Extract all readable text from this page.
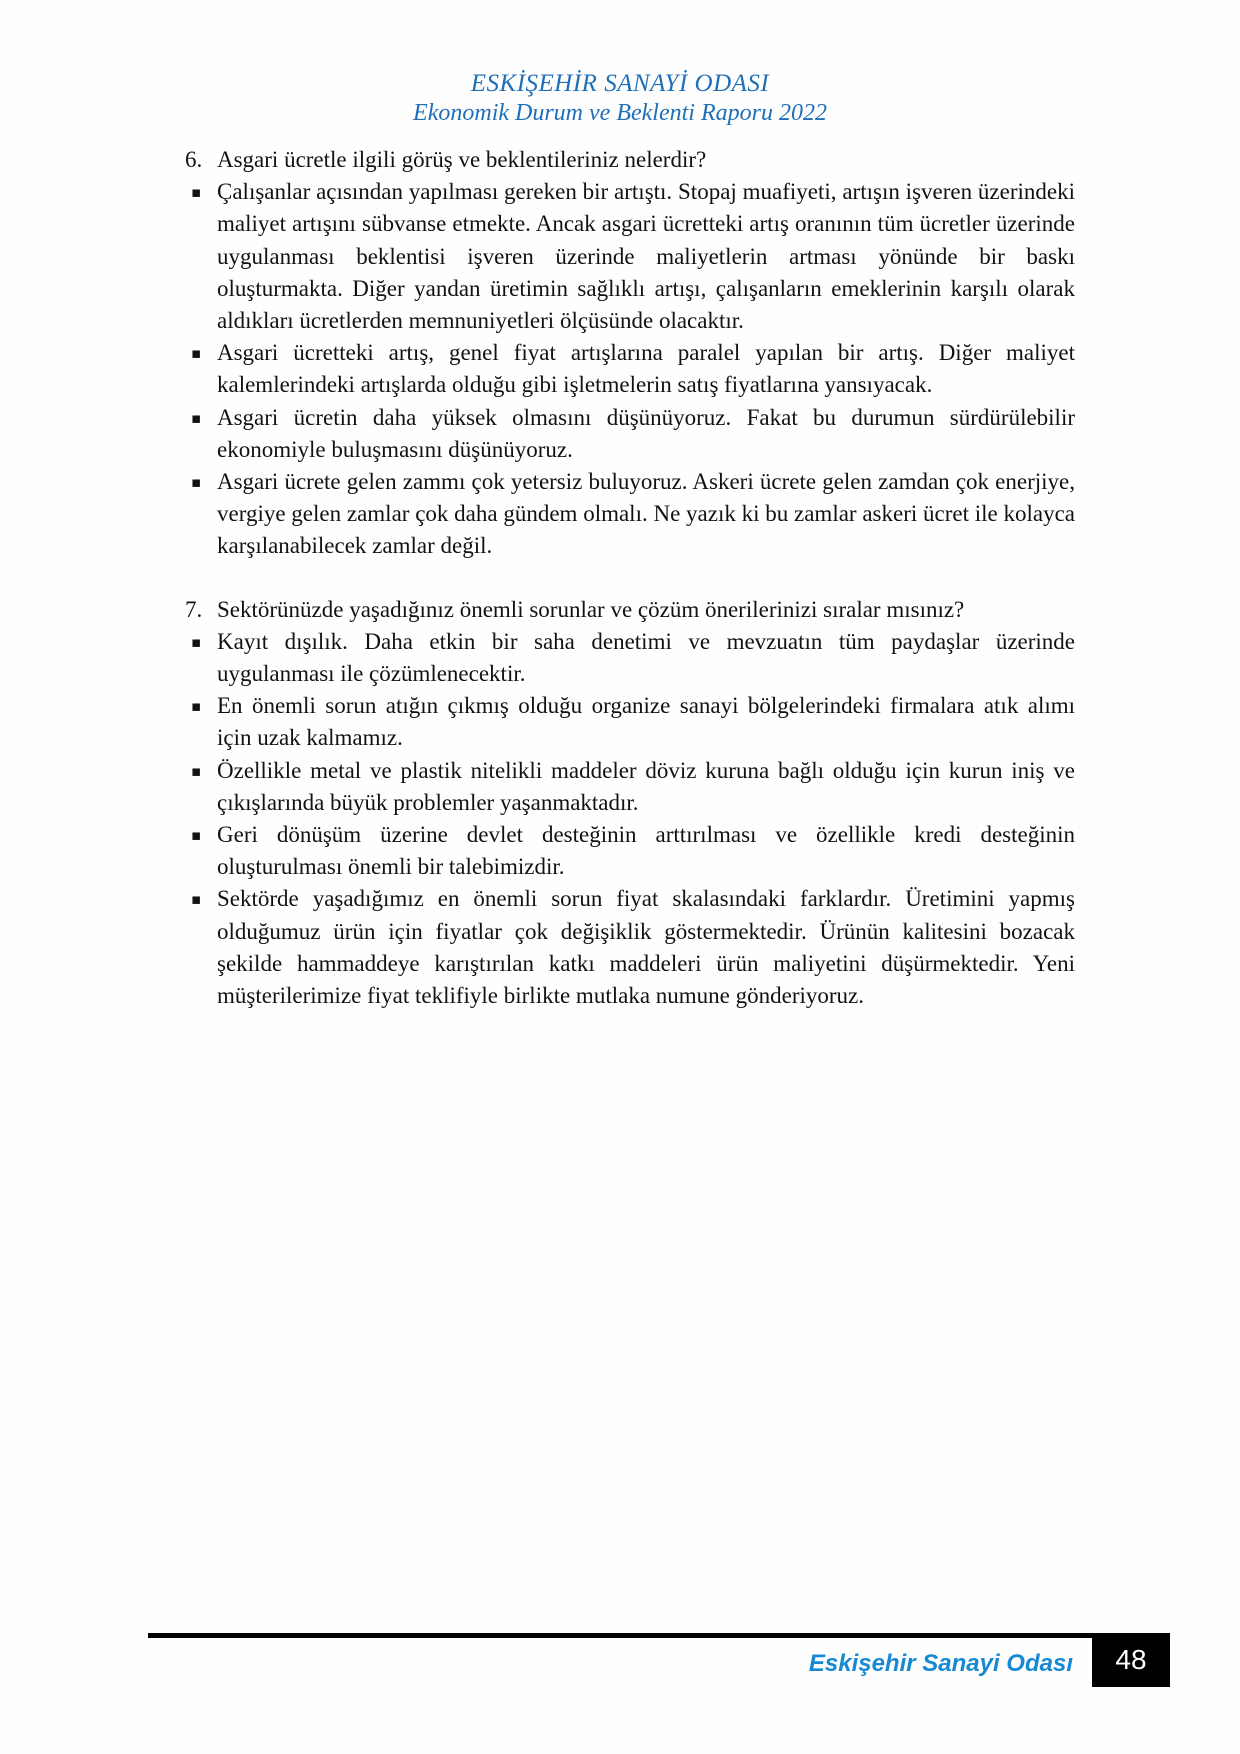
ESKİŞEHİR SANAYİ ODASI
Ekonomik Durum ve Beklenti Raporu 2022
6. Asgari ücretle ilgili görüş ve beklentileriniz nelerdir?
▪ Çalışanlar açısından yapılması gereken bir artıştı. Stopaj muafiyeti, artışın işveren üzerindeki maliyet artışını sübvanse etmekte. Ancak asgari ücretteki artış oranının tüm ücretler üzerinde uygulanması beklentisi işveren üzerinde maliyetlerin artması yönünde bir baskı oluşturmakta. Diğer yandan üretimin sağlıklı artışı, çalışanların emeklerinin karşılı olarak aldıkları ücretlerden memnuniyetleri ölçüsünde olacaktır.
▪ Asgari ücretteki artış, genel fiyat artışlarına paralel yapılan bir artış. Diğer maliyet kalemlerindeki artışlarda olduğu gibi işletmelerin satış fiyatlarına yansıyacak.
▪ Asgari ücretin daha yüksek olmasını düşünüyoruz. Fakat bu durumun sürdürülebilir ekonomiyle buluşmasını düşünüyoruz.
▪ Asgari ücrete gelen zammı çok yetersiz buluyoruz. Askeri ücrete gelen zamdan çok enerjiye, vergiye gelen zamlar çok daha gündem olmalı. Ne yazık ki bu zamlar askeri ücret ile kolayca karşılanabilecek zamlar değil.
7. Sektörünüzde yaşadığınız önemli sorunlar ve çözüm önerilerinizi sıralar mısınız?
▪ Kayıt dışılık. Daha etkin bir saha denetimi ve mevzuatın tüm paydaşlar üzerinde uygulanması ile çözümlenecektir.
▪ En önemli sorun atığın çıkmış olduğu organize sanayi bölgelerindeki firmalara atık alımı için uzak kalmamız.
▪ Özellikle metal ve plastik nitelikli maddeler döviz kuruna bağlı olduğu için kurun iniş ve çıkışlarında büyük problemler yaşanmaktadır.
▪ Geri dönüşüm üzerine devlet desteğinin arttırılması ve özellikle kredi desteğinin oluşturulması önemli bir talebimizdir.
▪ Sektörde yaşadığımız en önemli sorun fiyat skalasındaki farklardır. Üretimini yapmış olduğumuz ürün için fiyatlar çok değişiklik göstermektedir. Ürünün kalitesini bozacak şekilde hammaddeye karıştırılan katkı maddeleri ürün maliyetini düşürmektedir. Yeni müşterilerimize fiyat teklifiyle birlikte mutlaka numune gönderiyoruz.
Eskişehir Sanayi Odası 48
